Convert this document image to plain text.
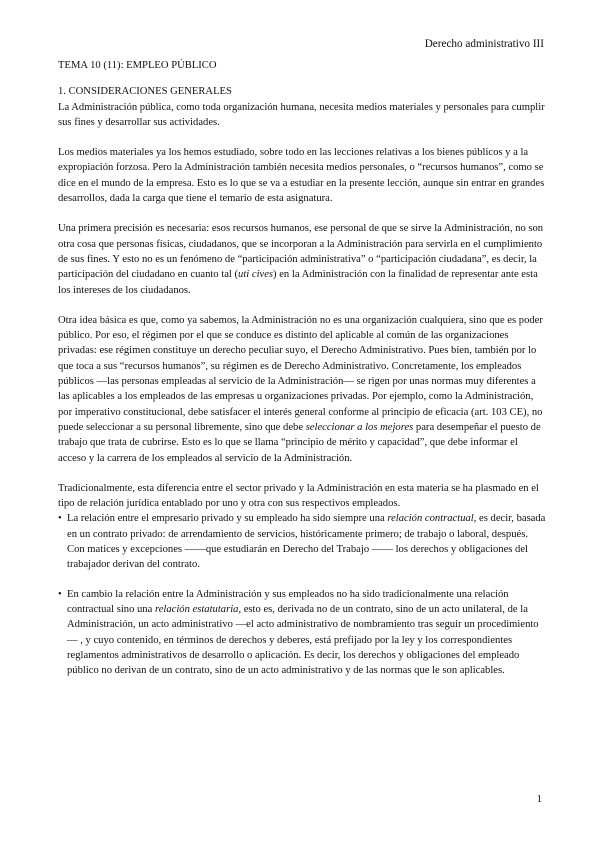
Derecho administrativo III

TEMA 10 (11): EMPLEO PÚBLICO

1. CONSIDERACIONES GENERALES

La Administración pública, como toda organización humana, necesita medios materiales y personales para cumplir sus fines y desarrollar sus actividades.

Los medios materiales ya los hemos estudiado, sobre todo en las lecciones relativas a los bienes públicos y a la expropiación forzosa. Pero la Administración también necesita medios personales, o “recursos humanos”, como se dice en el mundo de la empresa. Esto es lo que se va a estudiar en la presente lección, aunque sin entrar en grandes desarrollos, dada la carga que tiene el temario de esta asignatura.

Una primera precisión es necesaria: esos recursos humanos, ese personal de que se sirve la Administración, no son otra cosa que personas físicas, ciudadanos, que se incorporan a la Administración para servirla en el cumplimiento de sus fines. Y esto no es un fenómeno de “participación administrativa” o “participación ciudadana”, es decir, la participación del ciudadano en cuanto tal (uti cives) en la Administración con la finalidad de representar ante esta los intereses de los ciudadanos.

Otra idea básica es que, como ya sabemos, la Administración no es una organización cualquiera, sino que es poder público. Por eso, el régimen por el que se conduce es distinto del aplicable al común de las organizaciones privadas: ese régimen constituye un derecho peculiar suyo, el Derecho Administrativo. Pues bien, también por lo que toca a sus “recursos humanos”, su régimen es de Derecho Administrativo. Concretamente, los empleados públicos —las personas empleadas al servicio de la Administración— se rigen por unas normas muy diferentes a las aplicables a los empleados de las empresas u organizaciones privadas. Por ejemplo, como la Administración, por imperativo constitucional, debe satisfacer el interés general conforme al principio de eficacia (art. 103 CE), no puede seleccionar a su personal libremente, sino que debe seleccionar a los mejores para desempeñar el puesto de trabajo que trata de cubrirse. Esto es lo que se llama “principio de mérito y capacidad”, que debe informar el acceso y la carrera de los empleados al servicio de la Administración.

Tradicionalmente, esta diferencia entre el sector privado y la Administración en esta materia se ha plasmado en el tipo de relación jurídica entablado por uno y otra con sus respectivos empleados.

• La relación entre el empresario privado y su empleado ha sido siempre una relación contractual, es decir, basada en un contrato privado: de arrendamiento de servicios, históricamente primero; de trabajo o laboral, después. Con matices y excepciones ——que estudiarán en Derecho del Trabajo —— los derechos y obligaciones del trabajador derivan del contrato.
• En cambio la relación entre la Administración y sus empleados no ha sido tradicionalmente una relación contractual sino una relación estatutaria, esto es, derivada no de un contrato, sino de un acto unilateral, de la Administración, un acto administrativo —el acto administrativo de nombramiento tras seguir un procedimiento— , y cuyo contenido, en términos de derechos y deberes, está prefijado por la ley y los correspondientes reglamentos administrativos de desarrollo o aplicación. Es decir, los derechos y obligaciones del empleado público no derivan de un contrato, sino de un acto administrativo y de las normas que le son aplicables.
1
